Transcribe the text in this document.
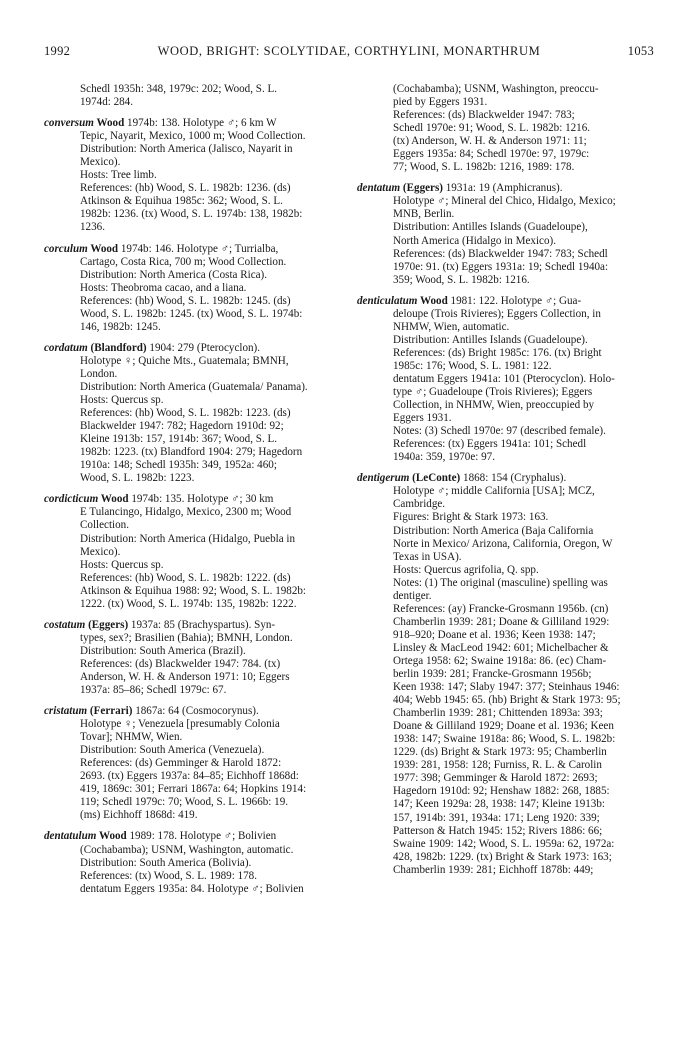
1992	WOOD, BRIGHT: SCOLYTIDAE, CORTHYLINI, MONARTHRUM	1053
Schedl 1935h: 348, 1979c: 202; Wood, S. L.
1974d: 284.
conversum Wood 1974b: 138. Holotype ♂; 6 km W
Tepic, Nayarit, Mexico, 1000 m; Wood Collection.
Distribution: North America (Jalisco, Nayarit in
Mexico).
Hosts: Tree limb.
References: (hb) Wood, S. L. 1982b: 1236. (ds)
Atkinson & Equihua 1985c: 362; Wood, S. L.
1982b: 1236. (tx) Wood, S. L. 1974b: 138, 1982b:
1236.
corculum Wood 1974b: 146. Holotype ♂; Turrialba,
Cartago, Costa Rica, 700 m; Wood Collection.
Distribution: North America (Costa Rica).
Hosts: Theobroma cacao, and a liana.
References: (hb) Wood, S. L. 1982b: 1245. (ds)
Wood, S. L. 1982b: 1245. (tx) Wood, S. L. 1974b:
146, 1982b: 1245.
cordatum (Blandford) 1904: 279 (Pterocyclon).
Holotype ♀; Quiche Mts., Guatemala; BMNH,
London.
Distribution: North America (Guatemala/ Panama).
Hosts: Quercus sp.
References: (hb) Wood, S. L. 1982b: 1223. (ds)
Blackwelder 1947: 782; Hagedorn 1910d: 92;
Kleine 1913b: 157, 1914b: 367; Wood, S. L.
1982b: 1223. (tx) Blandford 1904: 279; Hagedorn
1910a: 148; Schedl 1935h: 349, 1952a: 460;
Wood, S. L. 1982b: 1223.
cordicticum Wood 1974b: 135. Holotype ♂; 30 km
E Tulancingo, Hidalgo, Mexico, 2300 m; Wood
Collection.
Distribution: North America (Hidalgo, Puebla in
Mexico).
Hosts: Quercus sp.
References: (hb) Wood, S. L. 1982b: 1222. (ds)
Atkinson & Equihua 1988: 92; Wood, S. L. 1982b:
1222. (tx) Wood, S. L. 1974b: 135, 1982b: 1222.
costatum (Eggers) 1937a: 85 (Brachyspartus). Syn-
types, sex?; Brasilien (Bahia); BMNH, London.
Distribution: South America (Brazil).
References: (ds) Blackwelder 1947: 784. (tx)
Anderson, W. H. & Anderson 1971: 10; Eggers
1937a: 85–86; Schedl 1979c: 67.
cristatum (Ferrari) 1867a: 64 (Cosmocorynus).
Holotype ♀; Venezuela [presumably Colonia
Tovar]; NHMW, Wien.
Distribution: South America (Venezuela).
References: (ds) Gemminger & Harold 1872:
2693. (tx) Eggers 1937a: 84–85; Eichhoff 1868d:
419, 1869c: 301; Ferrari 1867a: 64; Hopkins 1914:
119; Schedl 1979c: 70; Wood, S. L. 1966b: 19.
(ms) Eichhoff 1868d: 419.
dentatulum Wood 1989: 178. Holotype ♂; Bolivien
(Cochabamba); USNM, Washington, automatic.
Distribution: South America (Bolivia).
References: (tx) Wood, S. L. 1989: 178.
dentatum Eggers 1935a: 84. Holotype ♂; Bolivien
(Cochabamba); USNM, Washington, preoccu-
pied by Eggers 1931.
References: (ds) Blackwelder 1947: 783;
Schedl 1970e: 91; Wood, S. L. 1982b: 1216.
(tx) Anderson, W. H. & Anderson 1971: 11;
Eggers 1935a: 84; Schedl 1970e: 97, 1979c:
77; Wood, S. L. 1982b: 1216, 1989: 178.
dentatum (Eggers) 1931a: 19 (Amphicranus).
Holotype ♂; Mineral del Chico, Hidalgo, Mexico;
MNB, Berlin.
Distribution: Antilles Islands (Guadeloupe),
North America (Hidalgo in Mexico).
References: (ds) Blackwelder 1947: 783; Schedl
1970e: 91. (tx) Eggers 1931a: 19; Schedl 1940a:
359; Wood, S. L. 1982b: 1216.
denticulatum Wood 1981: 122. Holotype ♂; Gua-
deloupe (Trois Rivieres); Eggers Collection, in
NHMW, Wien, automatic.
Distribution: Antilles Islands (Guadeloupe).
References: (ds) Bright 1985c: 176. (tx) Bright
1985c: 176; Wood, S. L. 1981: 122.
dentatum Eggers 1941a: 101 (Pterocyclon). Holo-
type ♂; Guadeloupe (Trois Rivieres); Eggers
Collection, in NHMW, Wien, preoccupied by
Eggers 1931.
Notes: (3) Schedl 1970e: 97 (described female).
References: (tx) Eggers 1941a: 101; Schedl
1940a: 359, 1970e: 97.
dentigerum (LeConte) 1868: 154 (Cryphalus).
Holotype ♂; middle California [USA]; MCZ,
Cambridge.
Figures: Bright & Stark 1973: 163.
Distribution: North America (Baja California
Norte in Mexico/ Arizona, California, Oregon, W
Texas in USA).
Hosts: Quercus agrifolia, Q. spp.
Notes: (1) The original (masculine) spelling was
dentiger.
References: (ay) Francke-Grosmann 1956b. (cn)
Chamberlin 1939: 281; Doane & Gilliland 1929:
918–920; Doane et al. 1936; Keen 1938: 147;
Linsley & MacLeod 1942: 601; Michelbacher &
Ortega 1958: 62; Swaine 1918a: 86. (ec) Cham-
berlin 1939: 281; Francke-Grosmann 1956b;
Keen 1938: 147; Slaby 1947: 377; Steinhaus 1946:
404; Webb 1945: 65. (hb) Bright & Stark 1973: 95;
Chamberlin 1939: 281; Chittenden 1893a: 393;
Doane & Gilliland 1929; Doane et al. 1936; Keen
1938: 147; Swaine 1918a: 86; Wood, S. L. 1982b:
1229. (ds) Bright & Stark 1973: 95; Chamberlin
1939: 281, 1958: 128; Furniss, R. L. & Carolin
1977: 398; Gemminger & Harold 1872: 2693;
Hagedorn 1910d: 92; Henshaw 1882: 268, 1885:
147; Keen 1929a: 28, 1938: 147; Kleine 1913b:
157, 1914b: 391, 1934a: 171; Leng 1920: 339;
Patterson & Hatch 1945: 152; Rivers 1886: 66;
Swaine 1909: 142; Wood, S. L. 1959a: 62, 1972a:
428, 1982b: 1229. (tx) Bright & Stark 1973: 163;
Chamberlin 1939: 281; Eichhoff 1878b: 449;
